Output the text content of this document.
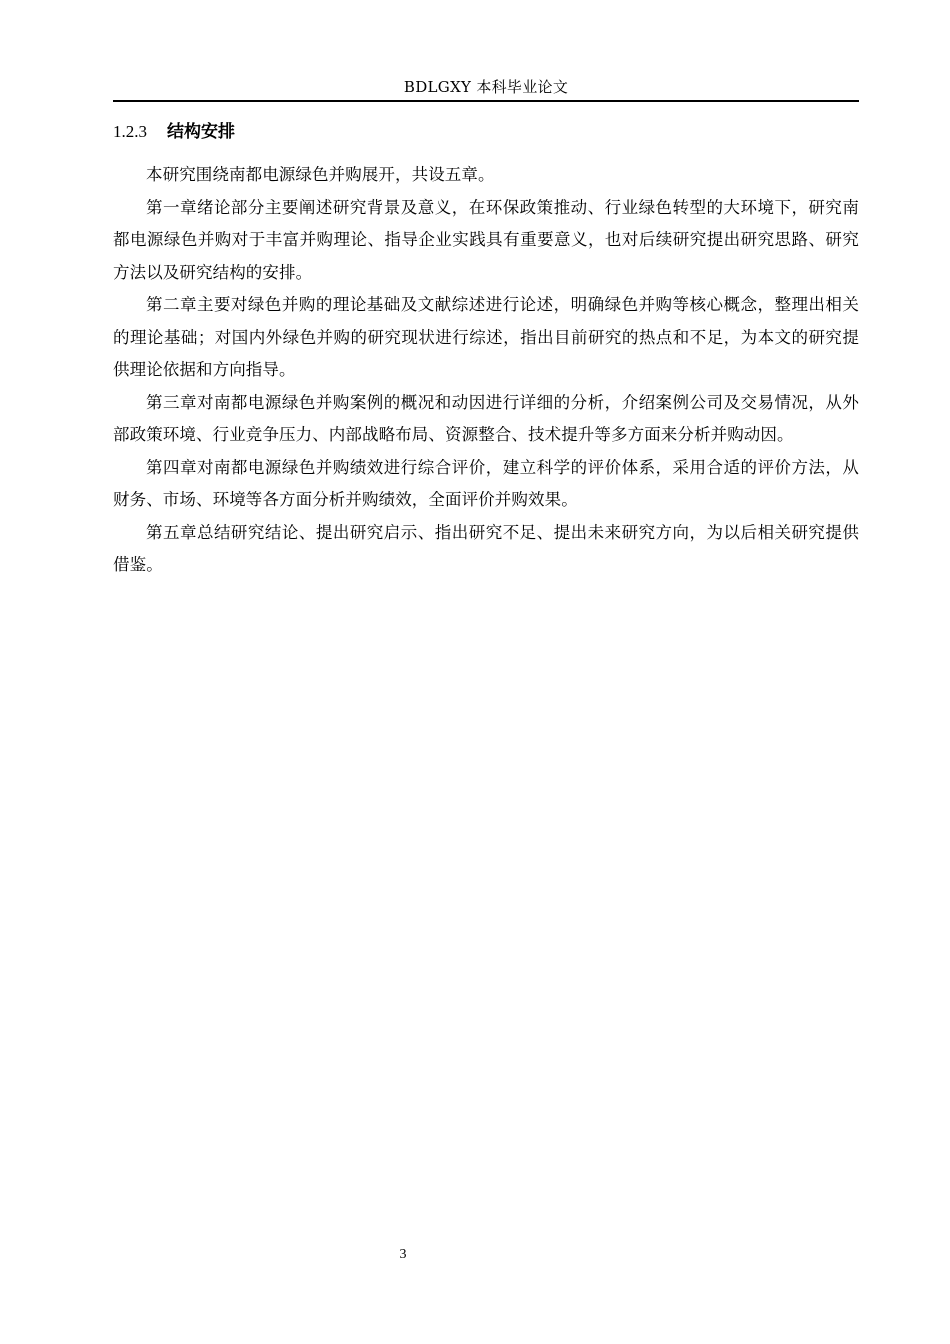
BDLGXY 本科毕业论文
1.2.3 结构安排

本研究围绕南都电源绿色并购展开，共设五章。

第一章绪论部分主要阐述研究背景及意义，在环保政策推动、行业绿色转型的大环境下，研究南都电源绿色并购对于丰富并购理论、指导企业实践具有重要意义，也对后续研究提出研究思路、研究方法以及研究结构的安排。

第二章主要对绿色并购的理论基础及文献综述进行论述，明确绿色并购等核心概念，整理出相关的理论基础；对国内外绿色并购的研究现状进行综述，指出目前研究的热点和不足，为本文的研究提供理论依据和方向指导。

第三章对南都电源绿色并购案例的概况和动因进行详细的分析，介绍案例公司及交易情况，从外部政策环境、行业竞争压力、内部战略布局、资源整合、技术提升等多方面来分析并购动因。

第四章对南都电源绿色并购绩效进行综合评价，建立科学的评价体系，采用合适的评价方法，从财务、市场、环境等各方面分析并购绩效，全面评价并购效果。

第五章总结研究结论、提出研究启示、指出研究不足、提出未来研究方向，为以后相关研究提供借鉴。

3
